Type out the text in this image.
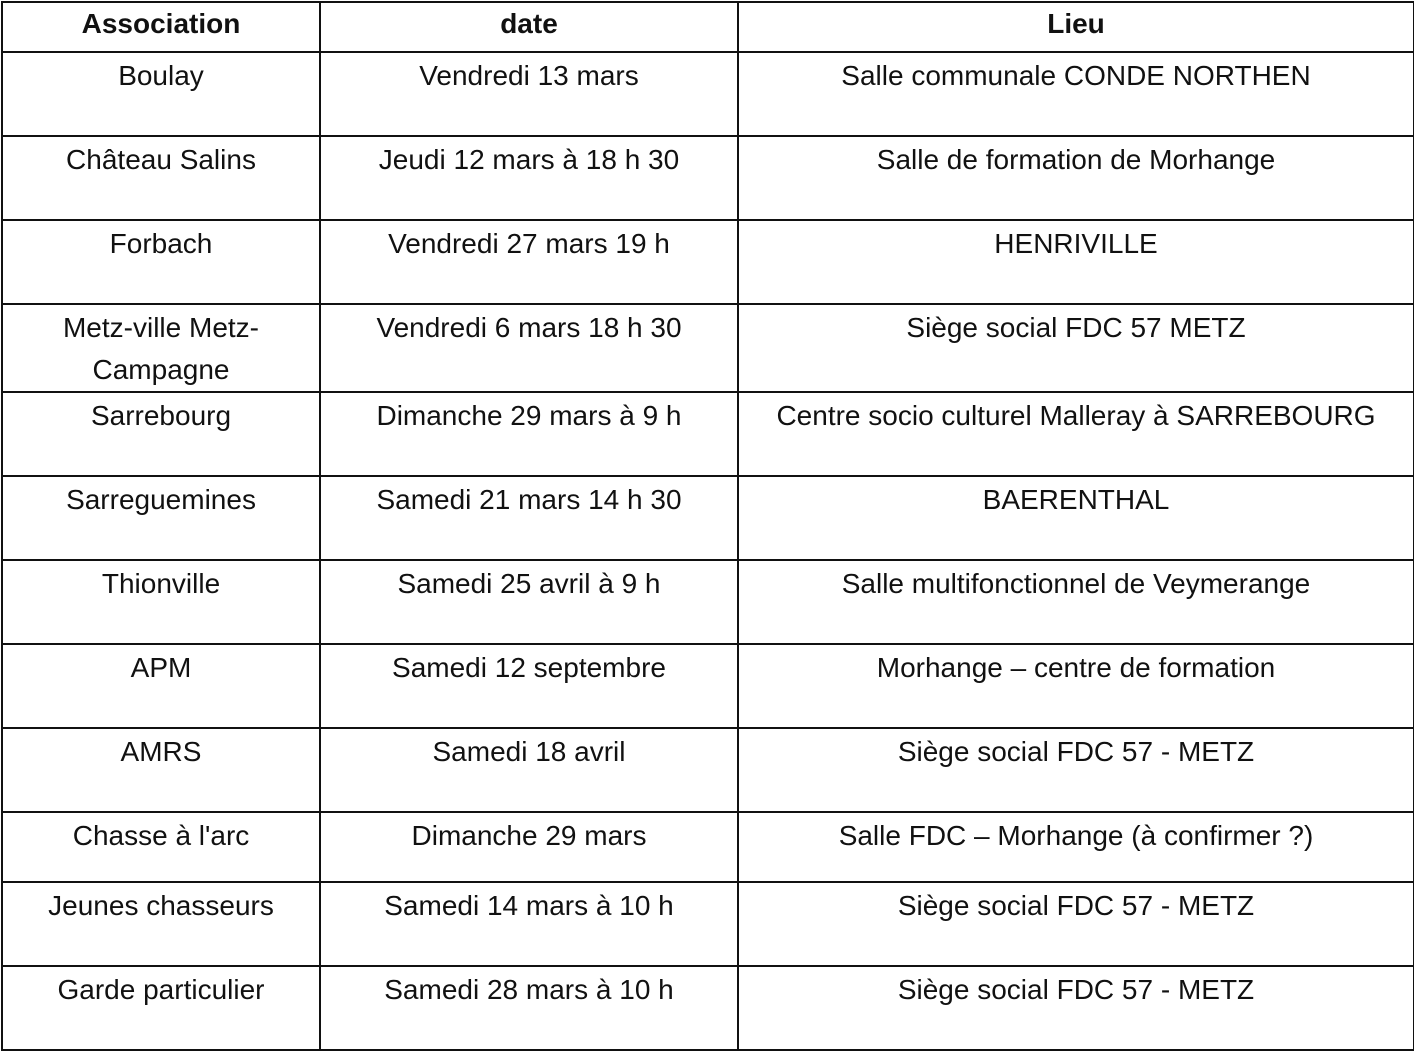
Association	date	Lieu
Boulay	Vendredi 13 mars	Salle communale CONDE NORTHEN
Château Salins	Jeudi 12 mars à 18 h 30	Salle de formation de Morhange
Forbach	Vendredi 27 mars 19 h	HENRIVILLE
Metz-ville Metz-Campagne	Vendredi 6 mars 18 h 30	Siège social FDC 57 METZ
Sarrebourg	Dimanche 29 mars à 9 h	Centre socio culturel Malleray à SARREBOURG
Sarreguemines	Samedi 21 mars 14 h 30	BAERENTHAL
Thionville	Samedi 25 avril à 9 h	Salle multifonctionnel de Veymerange
APM	Samedi 12 septembre	Morhange – centre de formation
AMRS	Samedi 18 avril	Siège social FDC 57 - METZ
Chasse à l'arc	Dimanche 29 mars	Salle FDC – Morhange (à confirmer ?)
Jeunes chasseurs	Samedi 14 mars à 10 h	Siège social FDC 57 - METZ
Garde particulier	Samedi 28 mars à 10 h	Siège social FDC 57 - METZ
